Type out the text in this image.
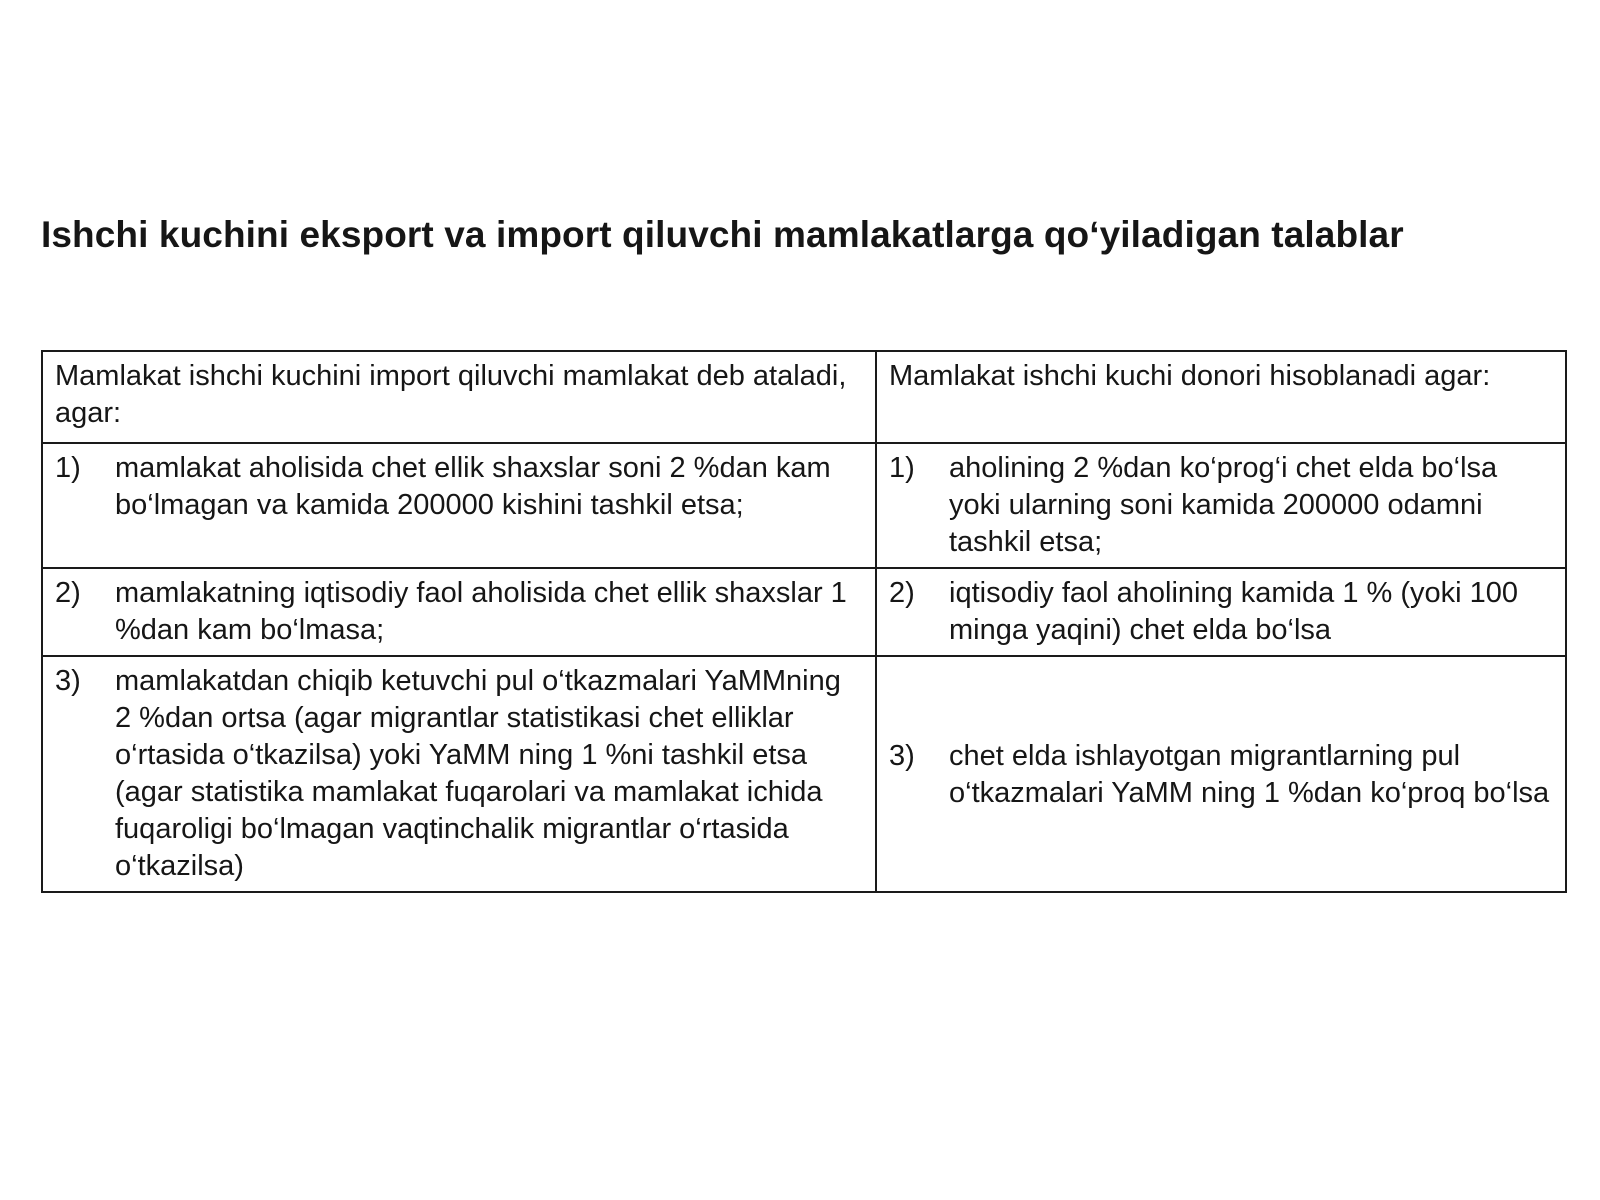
Ishchi kuchini eksport va import qiluvchi mamlakatlarga qo‘yiladigan talablar
Mamlakat ishchi kuchini import qiluvchi mamlakat deb ataladi, agar:	Mamlakat ishchi kuchi donori hisoblanadi agar:

1) mamlakat aholisida chet ellik shaxslar soni 2 %dan kam bo‘lmagan va kamida 200000 kishini tashkil etsa;	1) aholining 2 %dan ko‘prog‘i chet elda bo‘lsa yoki ularning soni kamida 200000 odamni tashkil etsa;

2) mamlakatning iqtisodiy faol aholisida chet ellik shaxslar 1 %dan kam bo‘lmasa;	2) iqtisodiy faol aholining kamida 1 % (yoki 100 minga yaqini) chet elda bo‘lsa

3) mamlakatdan chiqib ketuvchi pul o‘tkazmalari YaMMning 2 %dan ortsa (agar migrantlar statistikasi chet elliklar o‘rtasida o‘tkazilsa) yoki YaMM ning 1 %ni tashkil etsa (agar statistika mamlakat fuqarolari va mamlakat ichida fuqaroligi bo‘lmagan vaqtinchalik migrantlar o‘rtasida o‘tkazilsa)	3) chet elda ishlayotgan migrantlarning pul o‘tkazmalari YaMM ning 1 %dan ko‘proq bo‘lsa
